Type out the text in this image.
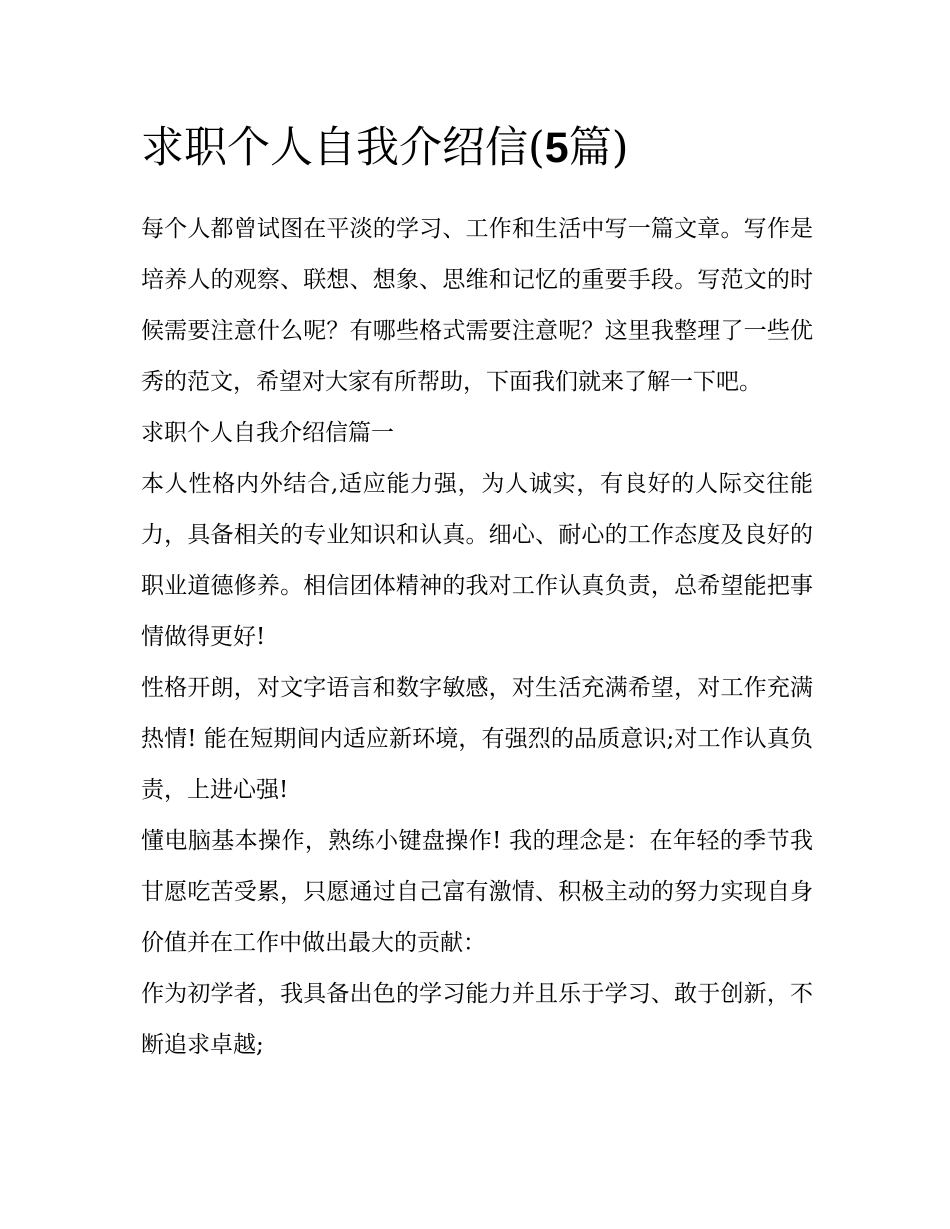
求职个人自我介绍信(5篇)

每个人都曾试图在平淡的学习、工作和生活中写一篇文章。写作是培养人的观察、联想、想象、思维和记忆的重要手段。写范文的时候需要注意什么呢？有哪些格式需要注意呢？这里我整理了一些优秀的范文，希望对大家有所帮助，下面我们就来了解一下吧。

求职个人自我介绍信篇一

本人性格内外结合,适应能力强，为人诚实，有良好的人际交往能力，具备相关的专业知识和认真。细心、耐心的工作态度及良好的职业道德修养。相信团体精神的我对工作认真负责，总希望能把事情做得更好!

性格开朗，对文字语言和数字敏感，对生活充满希望，对工作充满热情! 能在短期间内适应新环境，有强烈的品质意识;对工作认真负责，上进心强!

懂电脑基本操作，熟练小键盘操作! 我的理念是：在年轻的季节我甘愿吃苦受累，只愿通过自己富有激情、积极主动的努力实现自身价值并在工作中做出最大的贡献：

作为初学者，我具备出色的学习能力并且乐于学习、敢于创新，不断追求卓越;
